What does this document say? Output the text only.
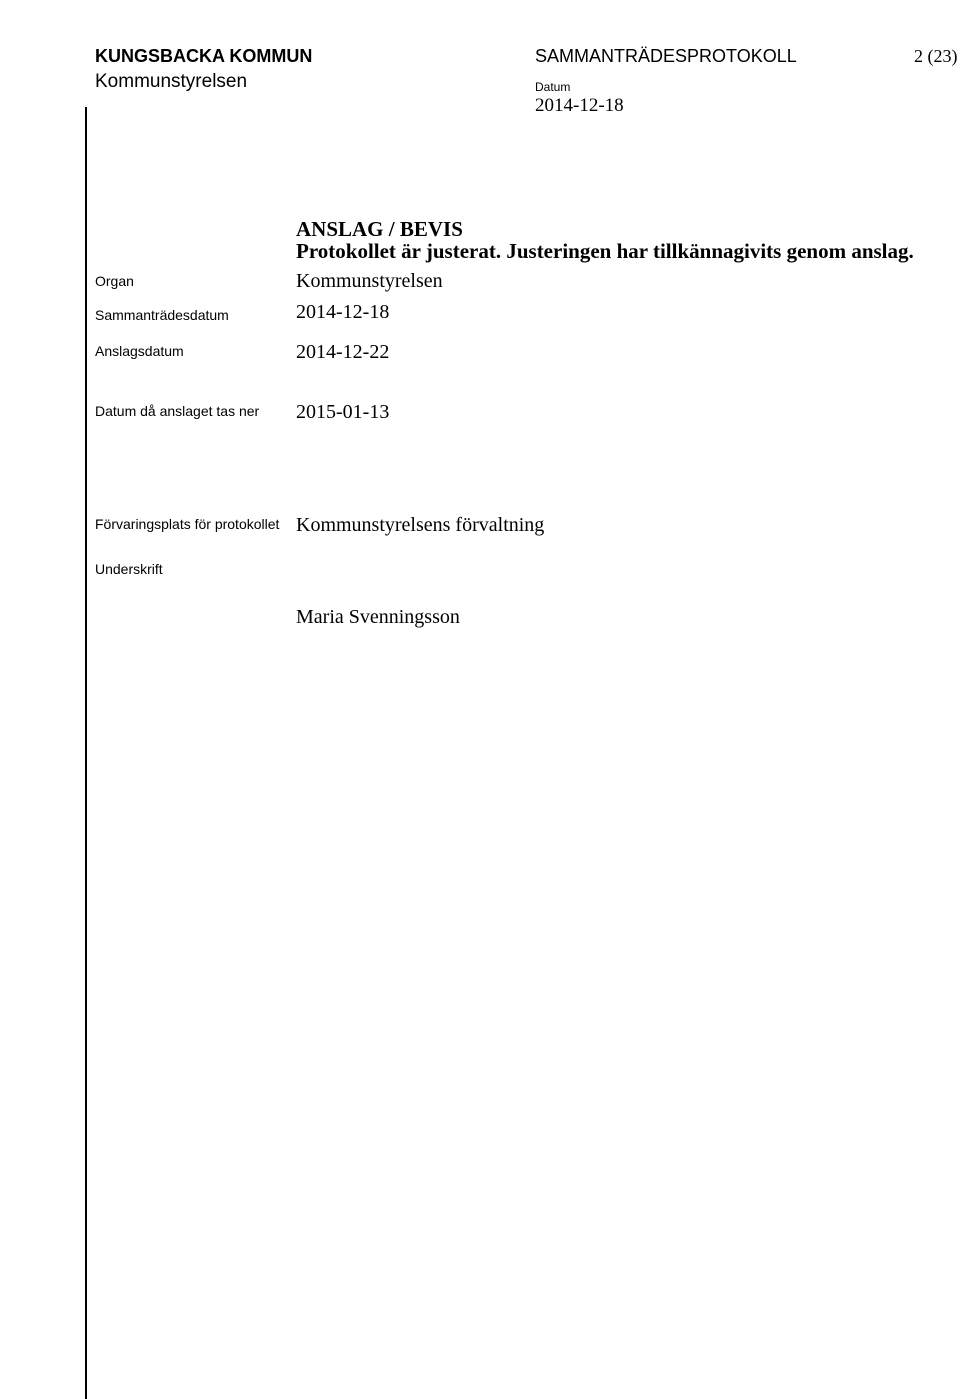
KUNGSBACKA KOMMUN
Kommunstyrelsen
SAMMANTRÄDESPROTOKOLL	2 (23)
Datum
2014-12-18
ANSLAG / BEVIS
Protokollet är justerat. Justeringen har tillkännagivits genom anslag.
Organ	Kommunstyrelsen
Sammanträdesdatum	2014-12-18
Anslagsdatum	2014-12-22
Datum då anslaget tas ner 2015-01-13
Förvaringsplats för protokollet Kommunstyrelsens förvaltning
Underskrift
Maria Svenningsson
